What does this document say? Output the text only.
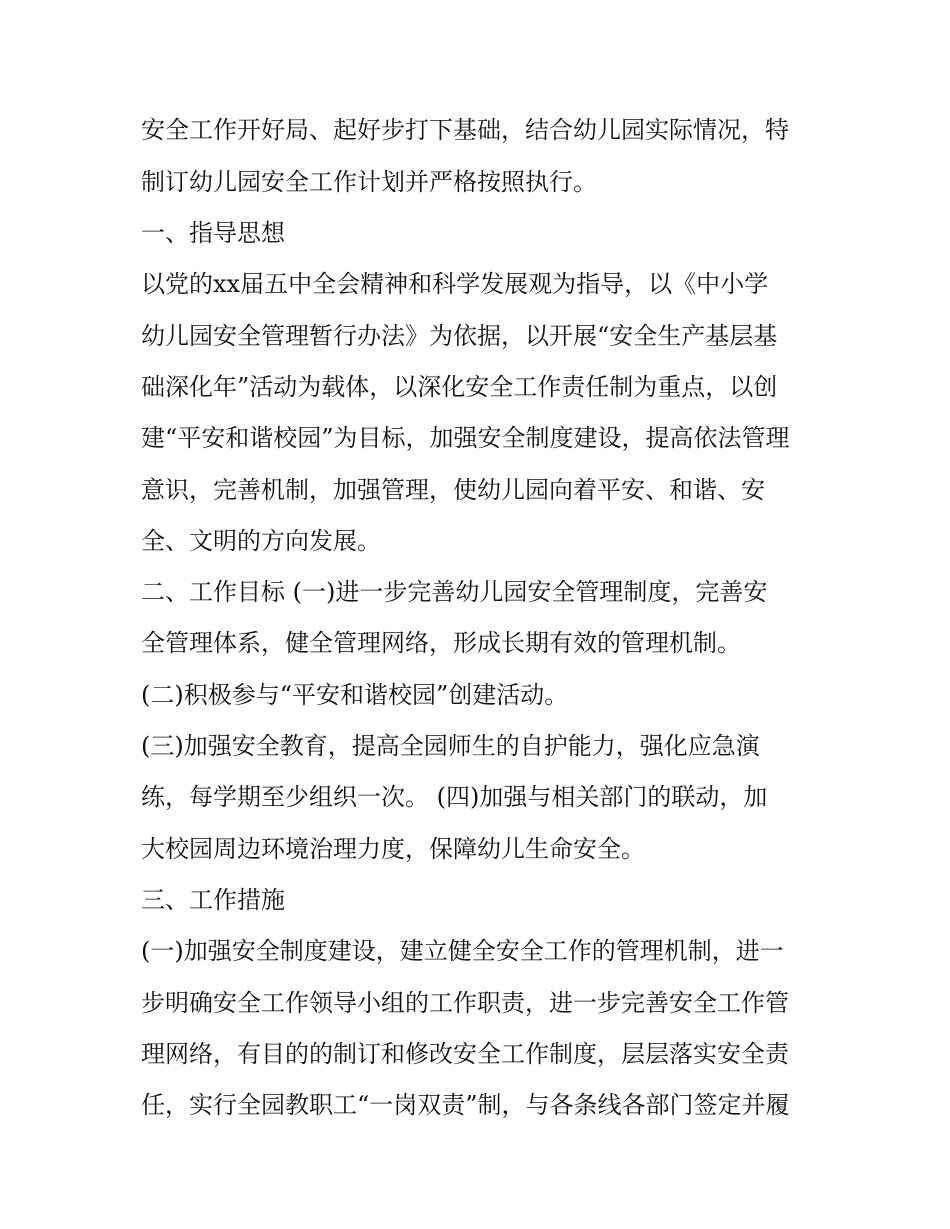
安全工作开好局、起好步打下基础，结合幼儿园实际情况，特
制订幼儿园安全工作计划并严格按照执行。
一、指导思想
以党的xx届五中全会精神和科学发展观为指导，以《中小学
幼儿园安全管理暂行办法》为依据，以开展“安全生产基层基
础深化年”活动为载体，以深化安全工作责任制为重点，以创
建“平安和谐校园”为目标，加强安全制度建设，提高依法管理
意识，完善机制，加强管理，使幼儿园向着平安、和谐、安
全、文明的方向发展。
二、工作目标 (一)进一步完善幼儿园安全管理制度，完善安
全管理体系，健全管理网络，形成长期有效的管理机制。
(二)积极参与“平安和谐校园”创建活动。
(三)加强安全教育，提高全园师生的自护能力，强化应急演
练，每学期至少组织一次。 (四)加强与相关部门的联动，加
大校园周边环境治理力度，保障幼儿生命安全。
三、工作措施
(一)加强安全制度建设，建立健全安全工作的管理机制，进一
步明确安全工作领导小组的工作职责，进一步完善安全工作管
理网络，有目的的制订和修改安全工作制度，层层落实安全责
任，实行全园教职工“一岗双责”制，与各条线各部门签定并履
